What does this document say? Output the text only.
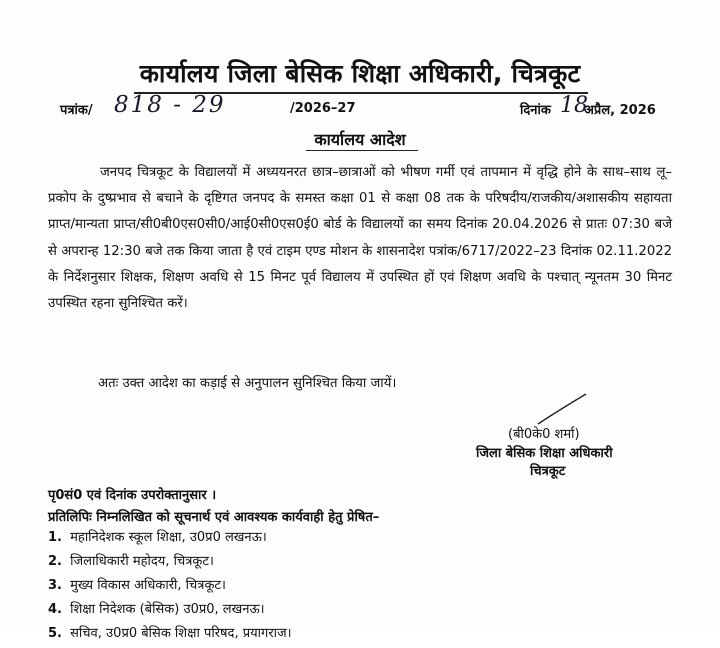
कार्यालय जिला बेसिक शिक्षा अधिकारी, चित्रकूट
पत्रांक/ 818 - 29	/2026–27	दिनांक 18
अप्रैल, 2026
कार्यालय आदेश
जनपद चित्रकूट के विद्यालयों में अध्ययनरत छात्र–छात्राओं को भीषण गर्मी एवं तापमान में वृद्धि होने के साथ–साथ लू–प्रकोप के दुष्प्रभाव से बचाने के दृष्टिगत जनपद के समस्त कक्षा 01 से कक्षा 08 तक के परिषदीय/राजकीय/अशासकीय सहायता प्राप्त/मान्यता प्राप्त/सी0बी0एस0सी0/आई0सी0एस0ई0 बोर्ड के विद्यालयों का समय दिनांक 20.04.2026 से प्रातः 07:30 बजे से अपरान्ह 12:30 बजे तक किया जाता है एवं टाइम एण्ड मोशन के शासनादेश पत्रांक/6717/2022–23 दिनांक 02.11.2022 के निर्देशनुसार शिक्षक, शिक्षण अवधि से 15 मिनट पूर्व विद्यालय में उपस्थित हों एवं शिक्षण अवधि के पश्चात् न्यूनतम 30 मिनट उपस्थित रहना सुनिश्चित करें।
अतः उक्त आदेश का कड़ाई से अनुपालन सुनिश्चित किया जायें।
(बी0के0 शर्मा)
जिला बेसिक शिक्षा अधिकारी
चित्रकूट
पृ0सं0 एवं दिनांक उपरोक्तानुसार ।
प्रतिलिपिः निम्नलिखित को सूचनार्थ एवं आवश्यक कार्यवाही हेतु प्रेषित–
1. महानिदेशक स्कूल शिक्षा, उ0प्र0 लखनऊ।
2. जिलाधिकारी महोदय, चित्रकूट।
3. मुख्य विकास अधिकारी, चित्रकूट।
4. शिक्षा निदेशक (बेसिक) उ0प्र0, लखनऊ।
5. सचिव, उ0प्र0 बेसिक शिक्षा परिषद, प्रयागराज।
